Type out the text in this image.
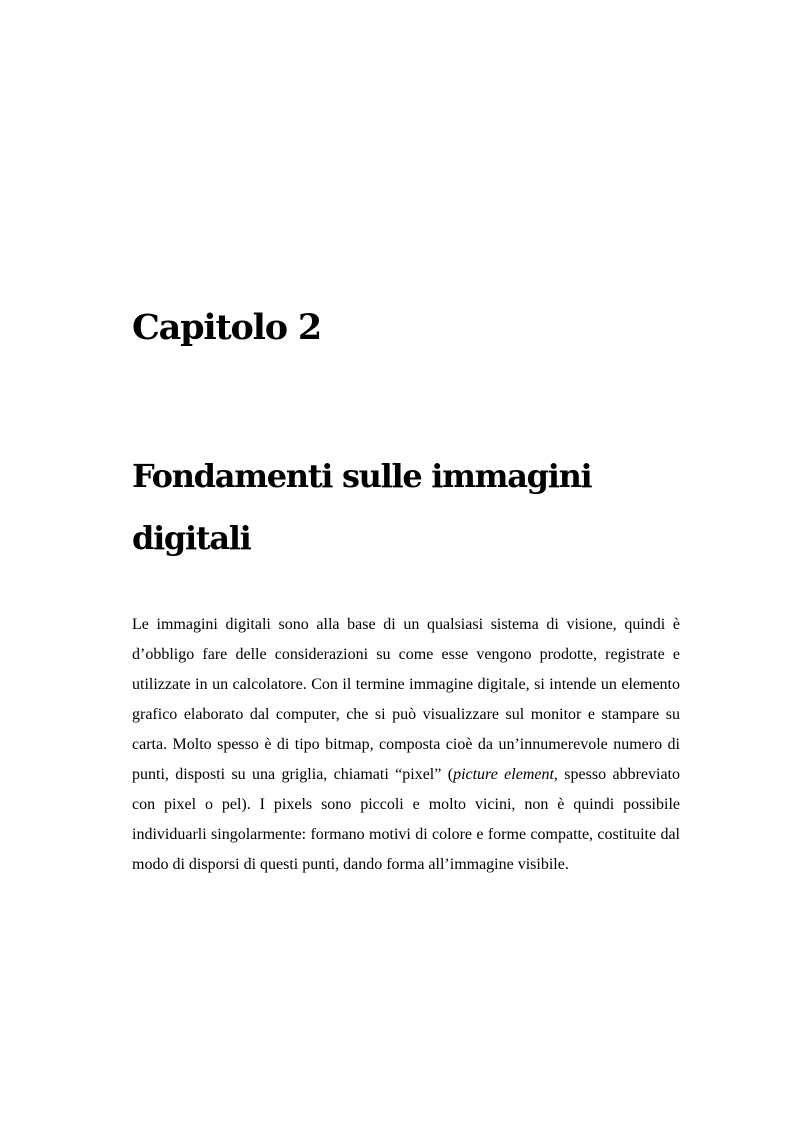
Capitolo 2
Fondamenti sulle immagini digitali

Le immagini digitali sono alla base di un qualsiasi sistema di visione, quindi è d’obbligo fare delle considerazioni su come esse vengono prodotte, registrate e utilizzate in un calcolatore. Con il termine immagine digitale, si intende un elemento grafico elaborato dal computer, che si può visualizzare sul monitor e stampare su carta. Molto spesso è di tipo bitmap, composta cioè da un’innumerevole numero di punti, disposti su una griglia, chiamati “pixel” (picture element, spesso abbreviato con pixel o pel). I pixels sono piccoli e molto vicini, non è quindi possibile individuarli singolarmente: formano motivi di colore e forme compatte, costituite dal modo di disporsi di questi punti, dando forma all’immagine visibile.
